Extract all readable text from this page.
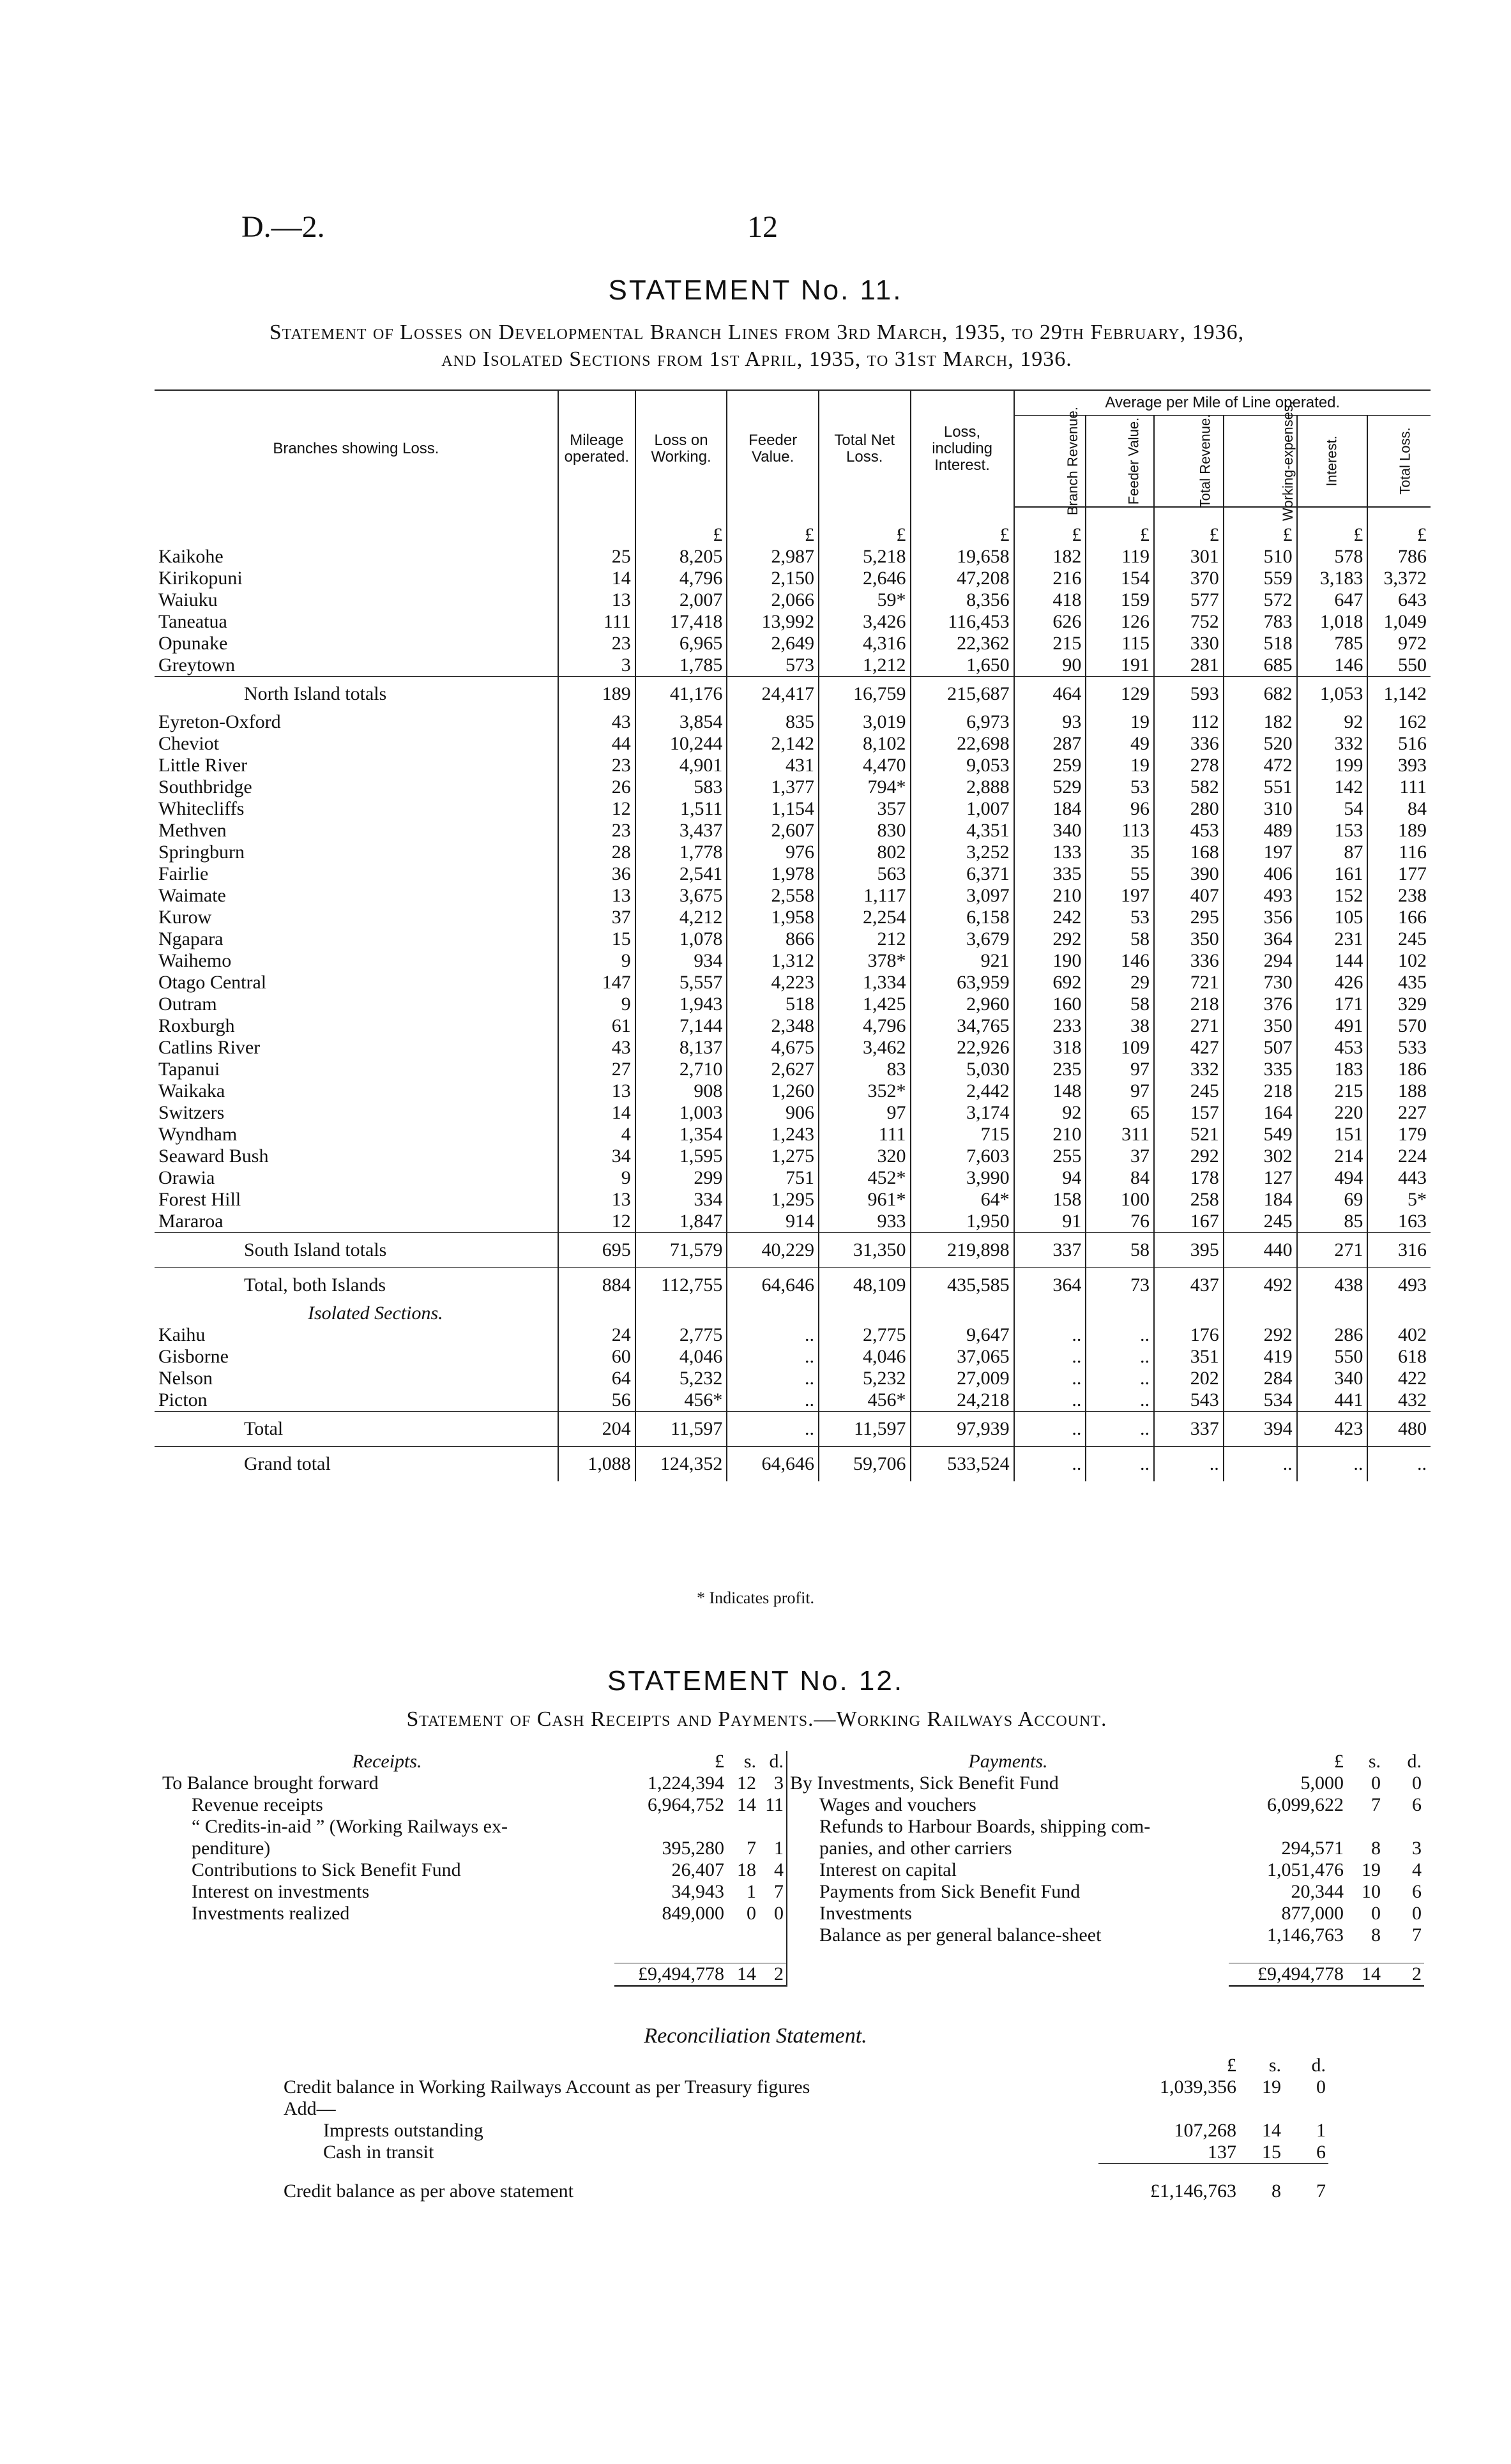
D.—2.	12
STATEMENT No. 11.
Statement of Losses on Developmental Branch Lines from 3rd March, 1935, to 29th February, 1936,
and Isolated Sections from 1st April, 1935, to 31st March, 1936.
Branches showing Loss.	Mileage operated.	Loss on Working.	Feeder Value.	Total Net Loss.	Loss, including Interest.	Average per Mile of Line operated.					
						Branch Revenue.	Feeder Value.	Total Revenue.	Working-expenses.	Interest.	Total Loss.

		£	£	£	£	£	£	£	£	£	£
Kaikohe	25	8,205	2,987	5,218	19,658	182	119	301	510	578	786
Kirikopuni	14	4,796	2,150	2,646	47,208	216	154	370	559	3,183	3,372
Waiuku	13	2,007	2,066	59*	8,356	418	159	577	572	647	643
Taneatua	111	17,418	13,992	3,426	116,453	626	126	752	783	1,018	1,049
Opunake	23	6,965	2,649	4,316	22,362	215	115	330	518	785	972
Greytown	3	1,785	573	1,212	1,650	90	191	281	685	146	550
North Island totals	189	41,176	24,417	16,759	215,687	464	129	593	682	1,053	1,142
Eyreton-Oxford	43	3,854	835	3,019	6,973	93	19	112	182	92	162
Cheviot	44	10,244	2,142	8,102	22,698	287	49	336	520	332	516
Little River	23	4,901	431	4,470	9,053	259	19	278	472	199	393
Southbridge	26	583	1,377	794*	2,888	529	53	582	551	142	111
Whitecliffs	12	1,511	1,154	357	1,007	184	96	280	310	54	84
Methven	23	3,437	2,607	830	4,351	340	113	453	489	153	189
Springburn	28	1,778	976	802	3,252	133	35	168	197	87	116
Fairlie	36	2,541	1,978	563	6,371	335	55	390	406	161	177
Waimate	13	3,675	2,558	1,117	3,097	210	197	407	493	152	238
Kurow	37	4,212	1,958	2,254	6,158	242	53	295	356	105	166
Ngapara	15	1,078	866	212	3,679	292	58	350	364	231	245
Waihemo	9	934	1,312	378*	921	190	146	336	294	144	102
Otago Central	147	5,557	4,223	1,334	63,959	692	29	721	730	426	435
Outram	9	1,943	518	1,425	2,960	160	58	218	376	171	329
Roxburgh	61	7,144	2,348	4,796	34,765	233	38	271	350	491	570
Catlins River	43	8,137	4,675	3,462	22,926	318	109	427	507	453	533
Tapanui	27	2,710	2,627	83	5,030	235	97	332	335	183	186
Waikaka	13	908	1,260	352*	2,442	148	97	245	218	215	188
Switzers	14	1,003	906	97	3,174	92	65	157	164	220	227
Wyndham	4	1,354	1,243	111	715	210	311	521	549	151	179
Seaward Bush	34	1,595	1,275	320	7,603	255	37	292	302	214	224
Orawia	9	299	751	452*	3,990	94	84	178	127	494	443
Forest Hill	13	334	1,295	961*	64*	158	100	258	184	69	5*
Mararoa	12	1,847	914	933	1,950	91	76	167	245	85	163
South Island totals	695	71,579	40,229	31,350	219,898	337	58	395	440	271	316
Total, both Islands	884	112,755	64,646	48,109	435,585	364	73	437	492	438	493
Isolated Sections.											
Kaihu	24	2,775	..	2,775	9,647	..	..	176	292	286	402
Gisborne	60	4,046	..	4,046	37,065	..	..	351	419	550	618
Nelson	64	5,232	..	5,232	27,009	..	..	202	284	340	422
Picton	56	456*	..	456*	24,218	..	..	543	534	441	432
Total	204	11,597	..	11,597	97,939	..	..	337	394	423	480
Grand total	1,088	124,352	64,646	59,706	533,524	..	..	..	..	..	..
* Indicates profit.
STATEMENT No. 12.
Statement of Cash Receipts and Payments.—Working Railways Account.
Receipts.	£	s.	d.	Payments.	£	s.	d.
To Balance brought forward	1,224,394	12	3	By Investments, Sick Benefit Fund	5,000	0	0
Revenue receipts	6,964,752	14	11	Wages and vouchers	6,099,622	7	6
“ Credits-in-aid ” (Working Railways ex-				Refunds to Harbour Boards, shipping com-			
penditure)	395,280	7	1	panies, and other carriers	294,571	8	3
Contributions to Sick Benefit Fund	26,407	18	4	Interest on capital	1,051,476	19	4
Interest on investments	34,943	1	7	Payments from Sick Benefit Fund	20,344	10	6
Investments realized	849,000	0	0	Investments	877,000	0	0
				Balance as per general balance-sheet	1,146,763	8	7

	£9,494,778	14	2		£9,494,778	14	2
Reconciliation Statement.
	£	s.	d.
Credit balance in Working Railways Account as per Treasury figures	1,039,356	19	0
Add—			
Imprests outstanding	107,268	14	1
Cash in transit	137	15	6

Credit balance as per above statement	£1,146,763	8	7
